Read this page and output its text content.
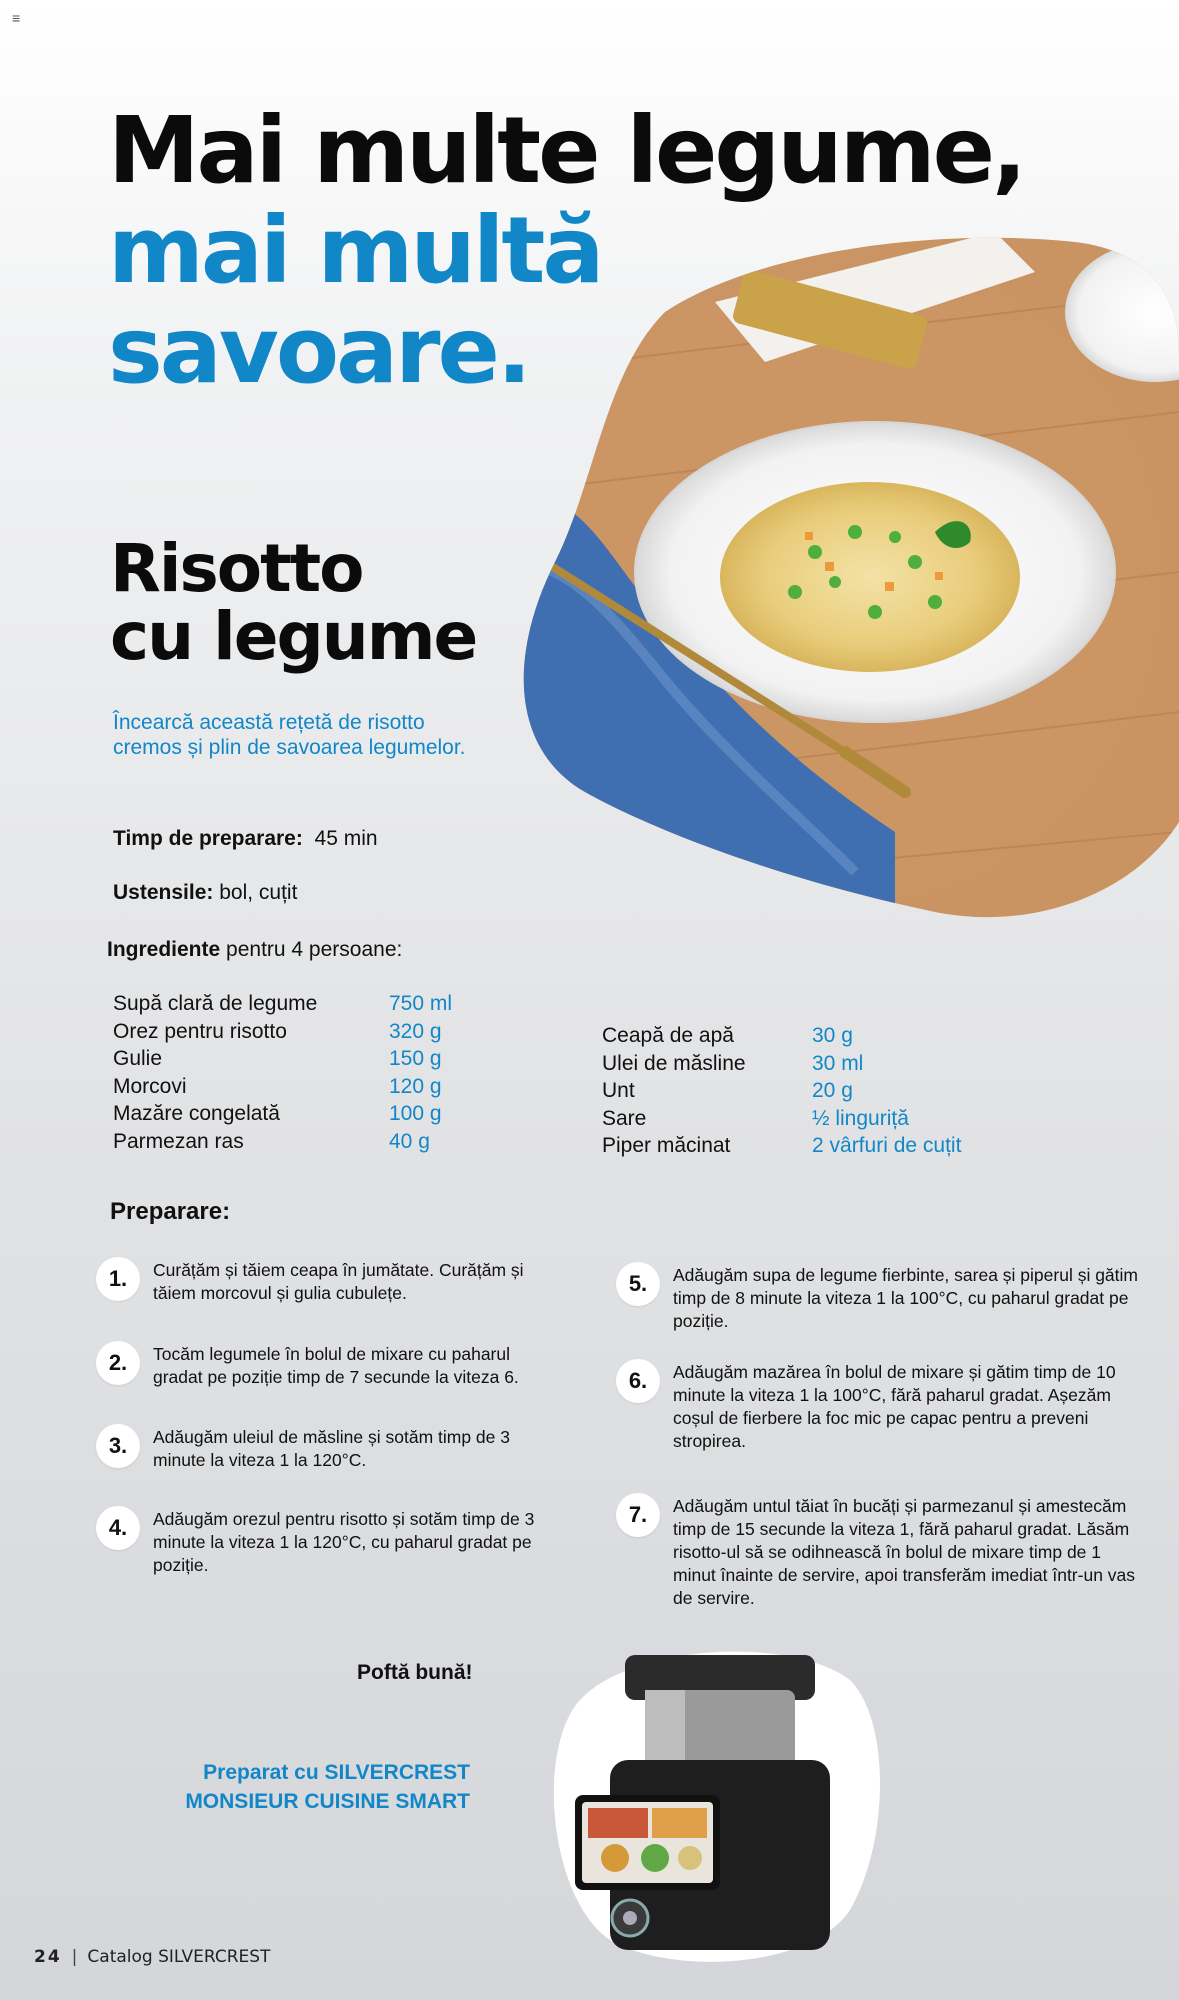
≡
Mai multe legume,
mai multă
savoare.
Risotto
cu legume
Încearcă această rețetă de risotto cremos și plin de savoarea legumelor.
Timp de preparare: 45 min
Ustensile: bol, cuțit
Ingrediente pentru 4 persoane:
Supă clară de legume	750 ml
Orez pentru risotto	320 g
Gulie	150 g
Morcovi	120 g
Mazăre congelată	100 g
Parmezan ras	40 g
Ceapă de apă	30 g
Ulei de măsline	30 ml
Unt	20 g
Sare	½ linguriță
Piper măcinat	2 vârfuri de cuțit
Preparare:
1.	Curățăm și tăiem ceapa în jumătate. Curățăm și tăiem morcovul și gulia cubulețe.
2.	Tocăm legumele în bolul de mixare cu paharul gradat pe poziție timp de 7 secunde la viteza 6.
3.	Adăugăm uleiul de măsline și sotăm timp de 3 minute la viteza 1 la 120°C.
4.	Adăugăm orezul pentru risotto și sotăm timp de 3 minute la viteza 1 la 120°C, cu paharul gradat pe poziție.
5.	Adăugăm supa de legume fierbinte, sarea și piperul și gătim timp de 8 minute la viteza 1 la 100°C, cu paharul gradat pe poziție.
6.	Adăugăm mazărea în bolul de mixare și gătim timp de 10 minute la viteza 1 la 100°C, fără paharul gradat. Așezăm coșul de fierbere la foc mic pe capac pentru a preveni stropirea.
7.	Adăugăm untul tăiat în bucăți și parmezanul și amestecăm timp de 15 secunde la viteza 1, fără paharul gradat. Lăsăm risotto-ul să se odihnească în bolul de mixare timp de 1 minut înainte de servire, apoi transferăm imediat într-un vas de servire.
Poftă bună!
Preparat cu SILVERCREST
MONSIEUR CUISINE SMART
24 | Catalog SILVERCREST
